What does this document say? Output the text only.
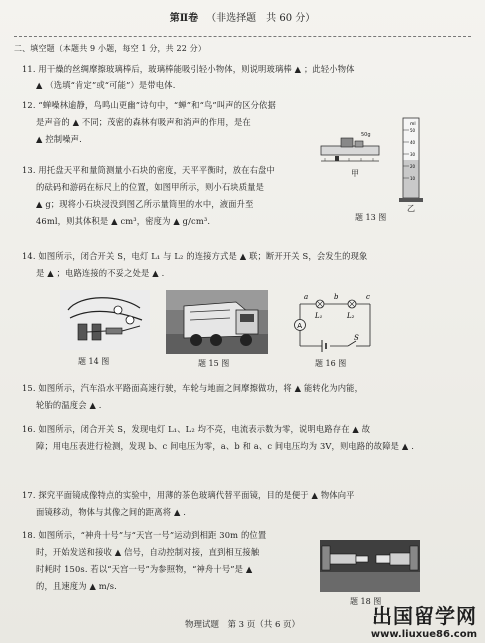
第Ⅱ卷 （非选择题　共 60 分）
二、填空题（本题共 9 小题，每空 1 分，共 22 分）
11. 用干燥的丝绸摩擦玻璃棒后，玻璃棒能吸引轻小物体，则说明玻璃棒 ▲ ；此轻小物体
▲ （选填“肯定”或“可能”）是带电体.
12. “蝉噪林逾静，鸟鸣山更幽”诗句中，“蝉”和“鸟”叫声的区分依据
是声音的 ▲ 不同；茂密的森林有吸声和消声的作用，是在
▲ 控制噪声.
13. 用托盘天平和量筒测量小石块的密度，天平平衡时，放在右盘中
的砝码和游码在标尺上的位置，如图甲所示，则小石块质量是
▲ g；现将小石块浸没到图乙所示量筒里的水中，液面升至
46ml，则其体积是 ▲ cm³，密度为 ▲ g/cm³.
50g
甲
ml
50
40
30
20
10
乙
题 13 图
14. 如图所示，闭合开关 S，电灯 L₁ 与 L₂ 的连接方式是 ▲ 联；断开开关 S，会发生的现象
是 ▲ ；电路连接的不妥之处是 ▲ .
题 14 图	题 15 图
A
a	b	c
L₁	L₂
S
题 16 图
15. 如图所示，汽车沿水平路面高速行驶，车轮与地面之间摩擦做功，将 ▲ 能转化为内能，
轮胎的温度会 ▲ .
16. 如图所示，闭合开关 S，发现电灯 L₁、L₂ 均不亮，电流表示数为零，说明电路存在 ▲ 故
障；用电压表进行检测，发现 b、c 间电压为零，a、b 和 a、c 间电压均为 3V，则电路的故障是 ▲ .
17. 探究平面镜成像特点的实验中，用薄的茶色玻璃代替平面镜，目的是便于 ▲ 物体向平
面镜移动，物体与其像之间的距离将 ▲ .
18. 如图所示，“神舟十号”与“天宫一号”运动到相距 30m 的位置
时，开始发送和接收 ▲ 信号，自动控制对接，直到相互接触
时耗时 150s. 若以“天宫一号”为参照物，“神舟十号”是 ▲
的，且速度为 ▲ m/s.
题 18 图
物理试题　第 3 页（共 6 页）	出国留学网
www.liuxue86.com
